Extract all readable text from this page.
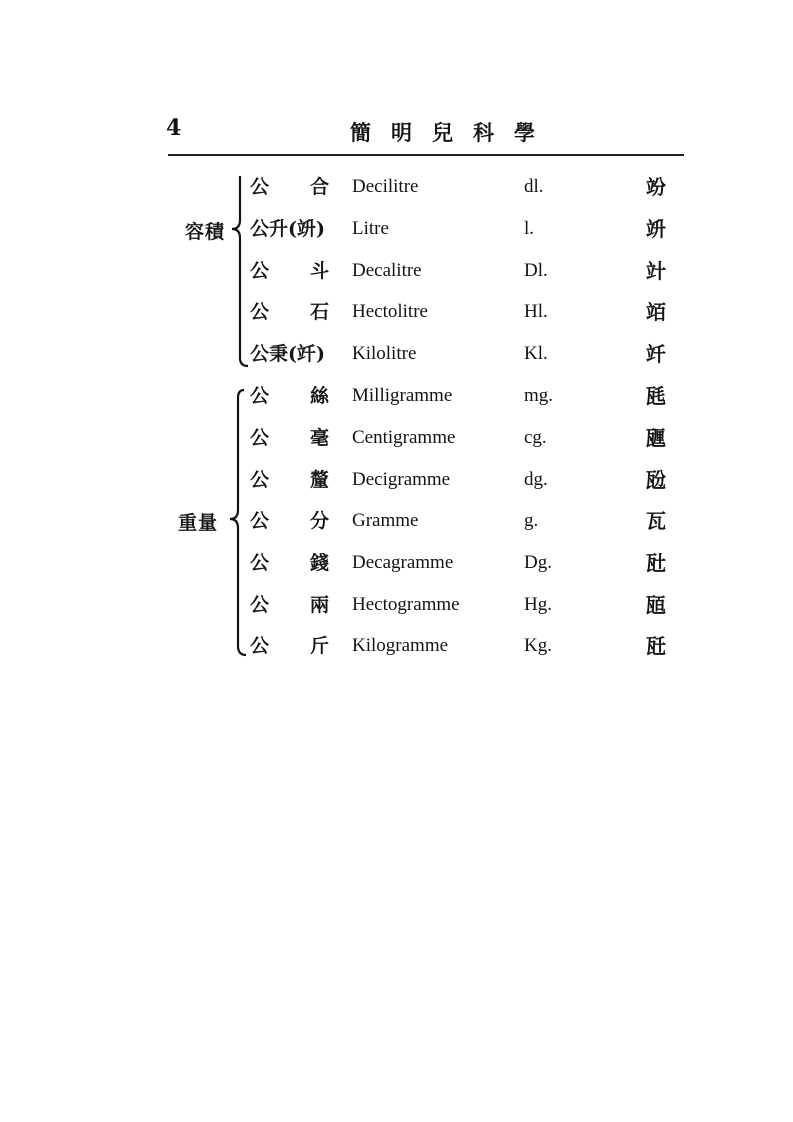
4	簡明兒科學
容積
重量
公 合 Decilitre	dl.	竕
公升(竔) Litre	l.	竔
公 斗 Decalitre	Dl.	竍
公 石 Hectolitre	Hl.	竡
公秉(竏) Kilolitre	Kl.	竏
公 絲 Milligramme	mg.	瓱
公 毫 Centigramme	cg.	甅
公 釐 Decigramme	dg.	瓰
公 分 Gramme	g.	瓦
公 錢 Decagramme	Dg.	瓧
公 兩 Hectogramme	Hg.	瓸
公 斤 Kilogramme	Kg.	瓩
